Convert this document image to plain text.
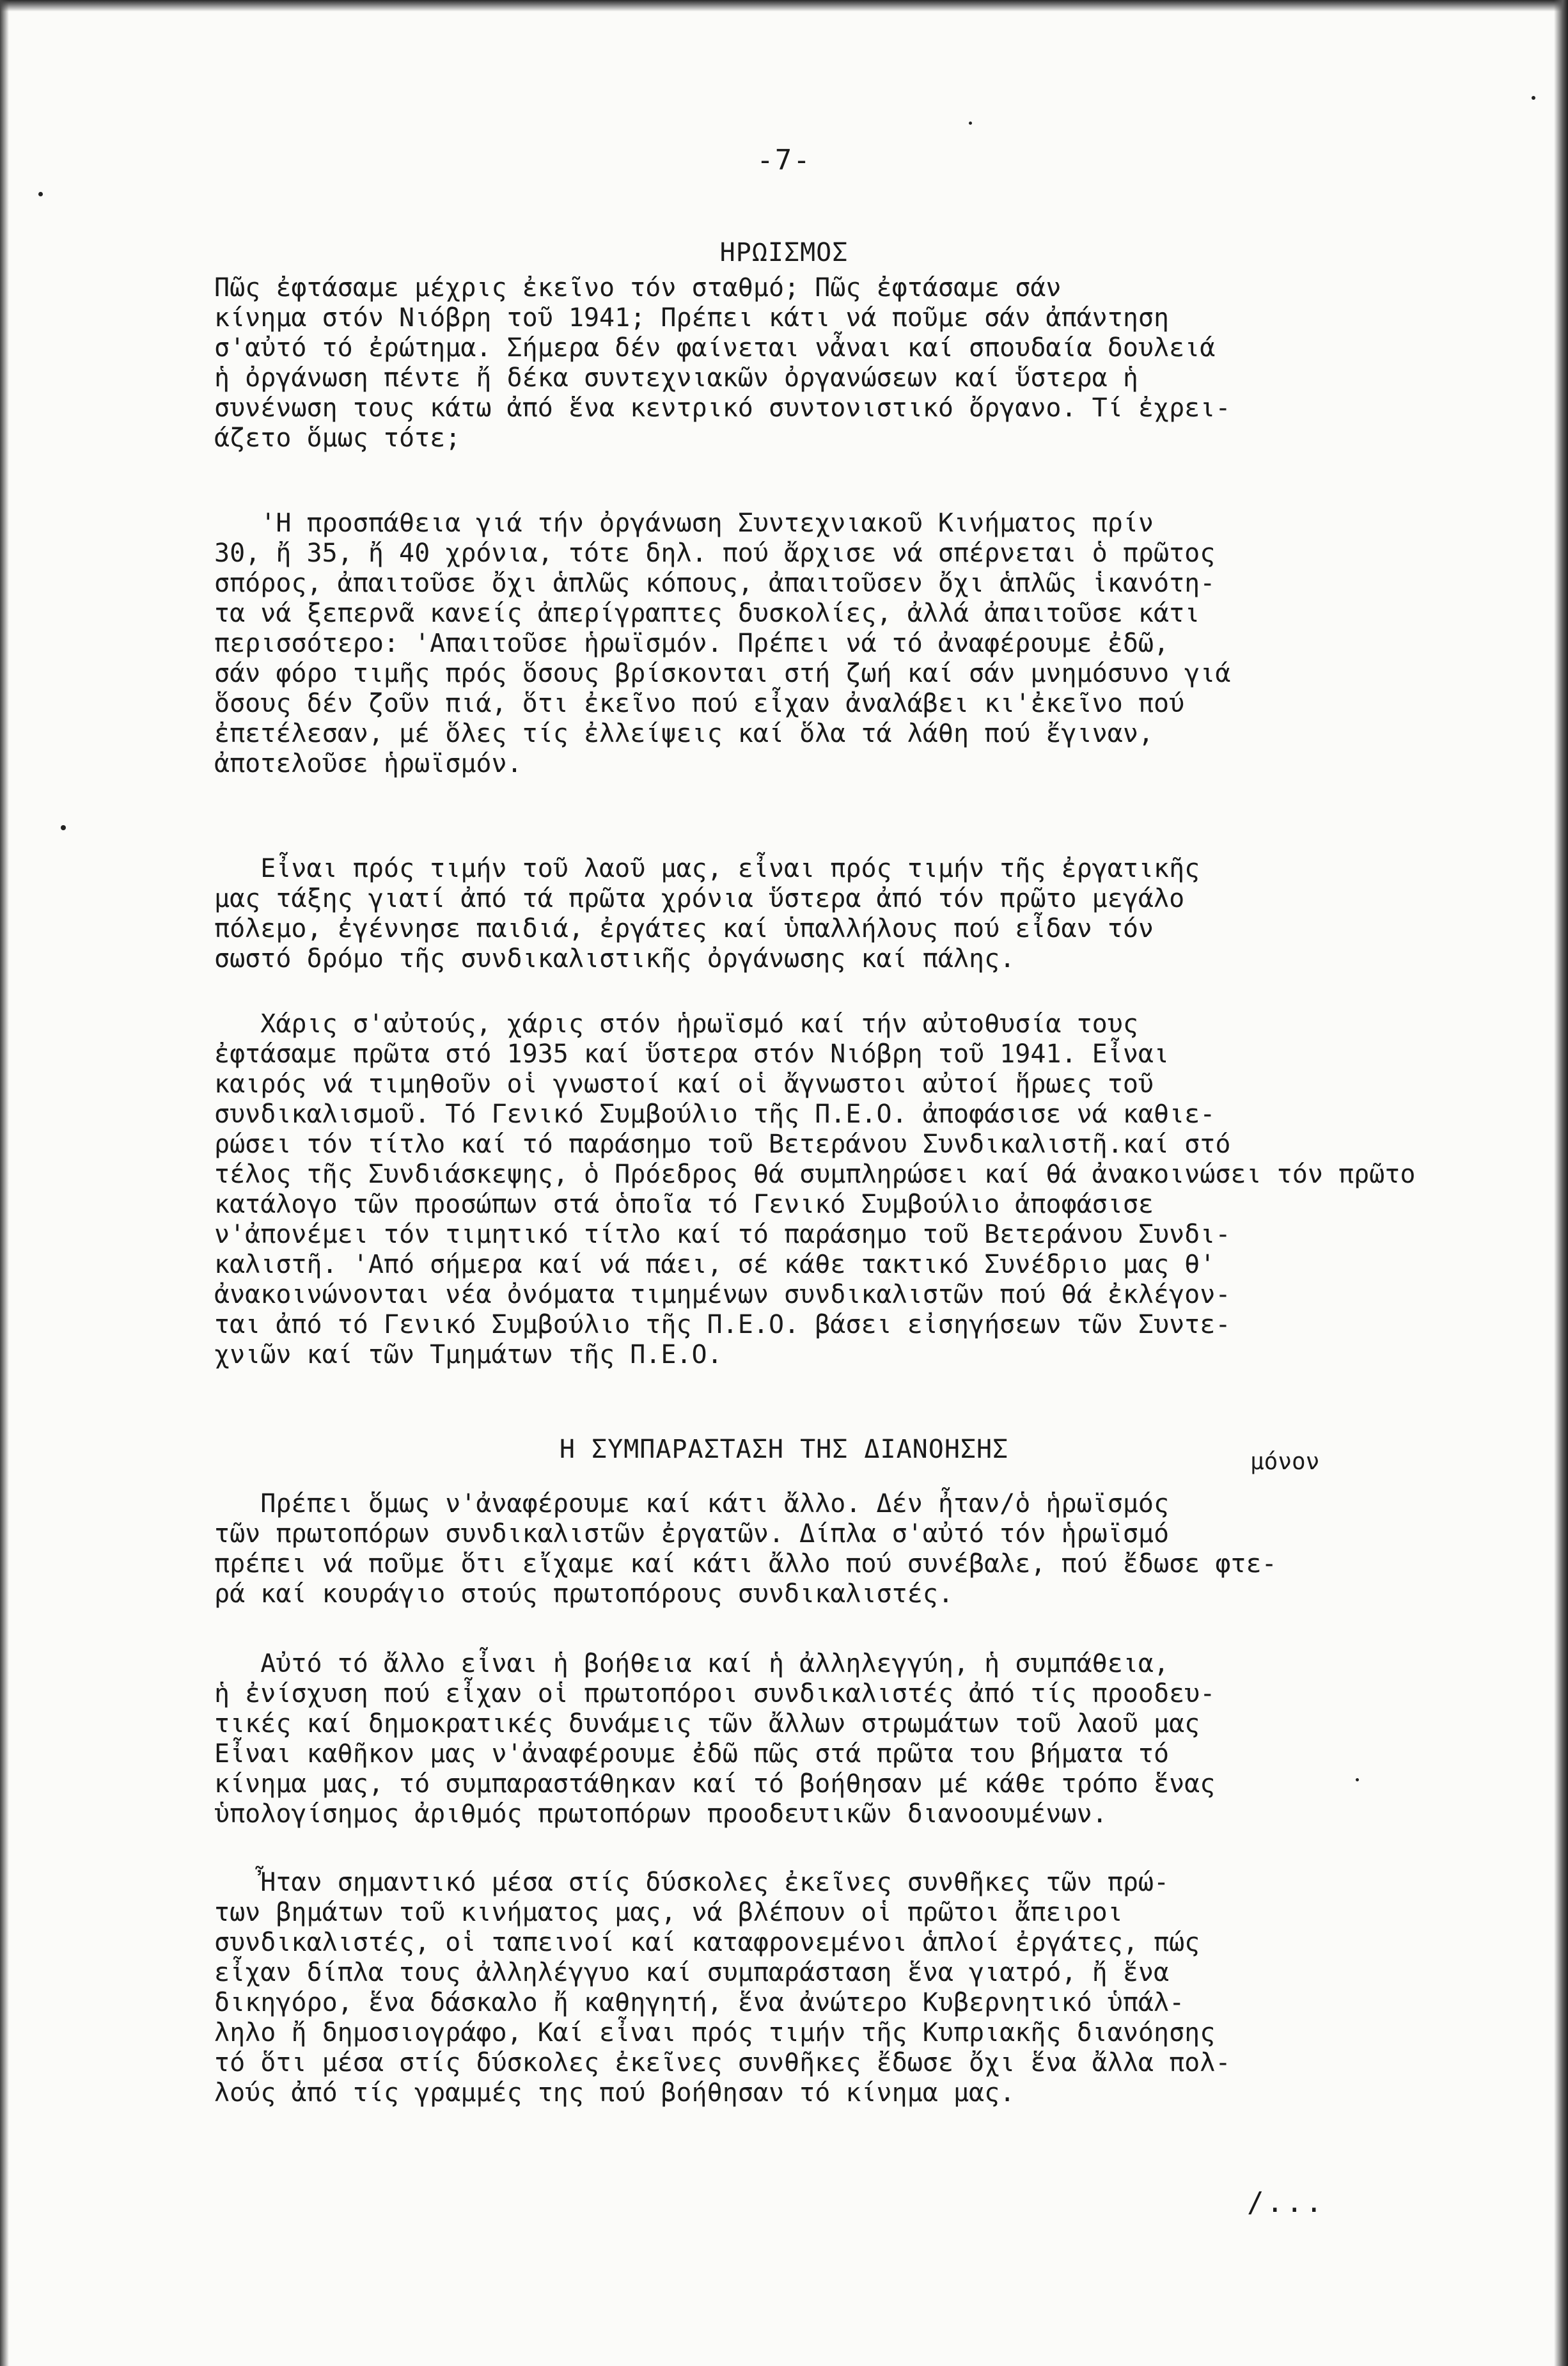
-7-
ΗΡΩΙΣΜΟΣ

Πῶς ἐφτάσαμε μέχρις ἐκεῖνο τόν σταθμό; Πῶς ἐφτάσαμε σάν
κίνημα στόν Νιόβρη τοῦ 1941; Πρέπει κάτι νά ποῦμε σάν ἀπάντηση
σ'αὐτό τό ἐρώτημα. Σήμερα δέν φαίνεται νἆναι καί σπουδαία δουλειά
ἡ ὀργάνωση πέντε ἤ δέκα συντεχνιακῶν ὀργανώσεων καί ὕστερα ἡ
συνένωση τους κάτω ἀπό ἕνα κεντρικό συντονιστικό ὄργανο. Τί ἐχρει-
άζετο ὅμως τότε;

'Η προσπάθεια γιά τήν ὀργάνωση Συντεχνιακοῦ Κινήματος πρίν
30, ἤ 35, ἤ 40 χρόνια, τότε δηλ. πού ἄρχισε νά σπέρνεται ὁ πρῶτος
σπόρος, ἀπαιτοῦσε ὄχι ἁπλῶς κόπους, ἀπαιτοῦσεν ὄχι ἁπλῶς ἱκανότη-
τα νά ξεπερνᾶ κανείς ἀπερίγραπτες δυσκολίες, ἀλλά ἀπαιτοῦσε κάτι
περισσότερο: 'Απαιτοῦσε ἡρωϊσμόν. Πρέπει νά τό ἀναφέρουμε ἐδῶ,
σάν φόρο τιμῆς πρός ὅσους βρίσκονται στή ζωή καί σάν μνημόσυνο γιά
ὅσους δέν ζοῦν πιά, ὅτι ἐκεῖνο πού εἶχαν ἀναλάβει κι'ἐκεῖνο πού
ἐπετέλεσαν, μέ ὅλες τίς ἐλλείψεις καί ὅλα τά λάθη πού ἔγιναν,
ἀποτελοῦσε ἡρωϊσμόν.

Εἶναι πρός τιμήν τοῦ λαοῦ μας, εἶναι πρός τιμήν τῆς ἐργατικῆς
μας τάξης γιατί ἀπό τά πρῶτα χρόνια ὕστερα ἀπό τόν πρῶτο μεγάλο
πόλεμο, ἐγέννησε παιδιά, ἐργάτες καί ὑπαλλήλους πού εἶδαν τόν
σωστό δρόμο τῆς συνδικαλιστικῆς ὀργάνωσης καί πάλης.

Χάρις σ'αὐτούς, χάρις στόν ἡρωϊσμό καί τήν αὐτοθυσία τους
ἐφτάσαμε πρῶτα στό 1935 καί ὕστερα στόν Νιόβρη τοῦ 1941. Εἶναι
καιρός νά τιμηθοῦν οἱ γνωστοί καί οἱ ἄγνωστοι αὐτοί ἥρωες τοῦ
συνδικαλισμοῦ. Τό Γενικό Συμβούλιο τῆς Π.Ε.Ο. ἀποφάσισε νά καθιε-
ρώσει τόν τίτλο καί τό παράσημο τοῦ Βετεράνου Συνδικαλιστῆ.καί στό
τέλος τῆς Συνδιάσκεψης, ὁ Πρόεδρος θά συμπληρώσει καί θά ἀνακοινώσει τόν πρῶτο
κατάλογο τῶν προσώπων στά ὁποῖα τό Γενικό Συμβούλιο ἀποφάσισε
ν'ἀπονέμει τόν τιμητικό τίτλο καί τό παράσημο τοῦ Βετεράνου Συνδι-
καλιστῆ. 'Από σήμερα καί νά πάει, σέ κάθε τακτικό Συνέδριο μας θ'
ἀνακοινώνονται νέα ὀνόματα τιμημένων συνδικαλιστῶν πού θά ἐκλέγον-
ται ἀπό τό Γενικό Συμβούλιο τῆς Π.Ε.Ο. βάσει εἰσηγήσεων τῶν Συντε-
χνιῶν καί τῶν Τμημάτων τῆς Π.Ε.Ο.

Η ΣΥΜΠΑΡΑΣΤΑΣΗ ΤΗΣ ΔΙΑΝΟΗΣΗΣ	μόνον

Πρέπει ὅμως ν'ἀναφέρουμε καί κάτι ἄλλο. Δέν ἦταν/ὁ ἡρωϊσμός
τῶν πρωτοπόρων συνδικαλιστῶν ἐργατῶν. Δίπλα σ'αὐτό τόν ἡρωϊσμό
πρέπει νά ποῦμε ὅτι εἴχαμε καί κάτι ἄλλο πού συνέβαλε, πού ἔδωσε φτε-
ρά καί κουράγιο στούς πρωτοπόρους συνδικαλιστές.

Αὐτό τό ἄλλο εἶναι ἡ βοήθεια καί ἡ ἀλληλεγγύη, ἡ συμπάθεια,
ἡ ἐνίσχυση πού εἶχαν οἱ πρωτοπόροι συνδικαλιστές ἀπό τίς προοδευ-
τικές καί δημοκρατικές δυνάμεις τῶν ἄλλων στρωμάτων τοῦ λαοῦ μας
Εἶναι καθῆκον μας ν'ἀναφέρουμε ἐδῶ πῶς στά πρῶτα του βήματα τό
κίνημα μας, τό συμπαραστάθηκαν καί τό βοήθησαν μέ κάθε τρόπο ἕνας
ὑπολογίσημος ἀριθμός πρωτοπόρων προοδευτικῶν διανοουμένων.

Ἦταν σημαντικό μέσα στίς δύσκολες ἐκεῖνες συνθῆκες τῶν πρώ-
των βημάτων τοῦ κινήματος μας, νά βλέπουν οἱ πρῶτοι ἄπειροι
συνδικαλιστές, οἱ ταπεινοί καί καταφρονεμένοι ἁπλοί ἐργάτες, πώς
εἶχαν δίπλα τους ἀλληλέγγυο καί συμπαράσταση ἕνα γιατρό, ἤ ἕνα
δικηγόρο, ἕνα δάσκαλο ἤ καθηγητή, ἕνα ἀνώτερο Κυβερνητικό ὑπάλ-
ληλο ἤ δημοσιογράφο, Καί εἶναι πρός τιμήν τῆς Κυπριακῆς διανόησης
τό ὅτι μέσα στίς δύσκολες ἐκεῖνες συνθῆκες ἔδωσε ὄχι ἕνα ἄλλα πολ-
λούς ἀπό τίς γραμμές της πού βοήθησαν τό κίνημα μας.

/...
